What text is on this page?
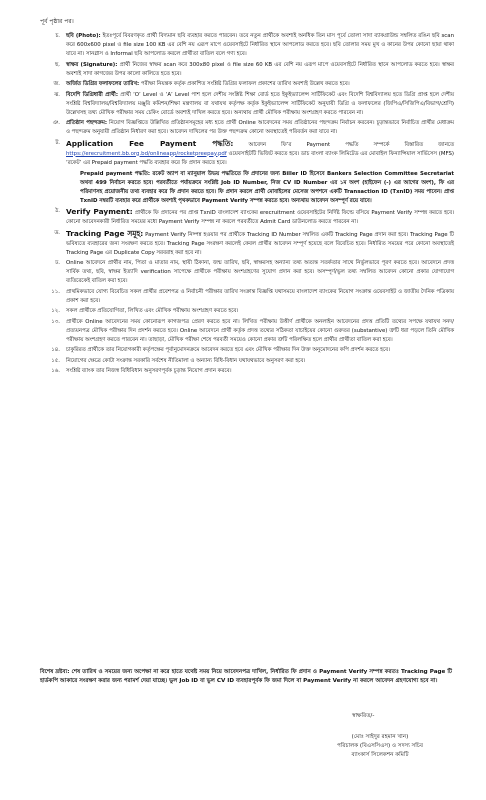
পূর্ব পৃষ্ঠার পর।
চ.	ছবি (Photo): ইতঃপূর্বে বিবরণকৃত প্রার্থী বিদ্যমান ছবি ব্যবহার করতে পারবেন। তবে নতুন প্রার্থীকে অবশ্যই অনধিক তিন মাস পূর্বে তোলা সাদা ব্যাকগ্রাউন্ড সম্বলিত রঙিন ছবি scan করে 600x600 pixel ও file size 100 KB এর বেশি নয় এরূপ মাপে ওয়েবসাইটে নির্ধারিত স্থানে আপলোড করতে হবে। ছবি তোলার সময় মুখ ও কানের উপর কোনো ছায়া থাকা যাবে না। সানগ্লাস ও Informal ছবি আপলোড করলে প্রার্থীতা বাতিল বলে গণ্য হবে।
ছ.	স্বাক্ষর (Signature): প্রার্থী নিজের স্বাক্ষর scan করে 300x80 pixel ও file size 60 KB এর বেশি নয় এরূপ মাপে ওয়েবসাইটে নির্ধারিত স্থানে আপলোড করতে হবে। স্বাক্ষর অবশ্যই সাদা কাগজের উপর কালো কালিতে হতে হবে।
জ.	অর্জিত ডিগ্রির ফলাফলের তারিখ: পরীক্ষা নিয়ন্ত্রক কর্তৃক প্রকাশিত সংশ্লিষ্ট ডিগ্রির ফলাফল প্রকাশের তারিখ অবশ্যই উল্লেখ করতে হবে।
ঝ.	বিদেশি ডিগ্রিধারী প্রার্থী: প্রার্থী ‘O’ Level ও ‘A’ Level পাশ হলে দেশীয় সংশ্লিষ্ট শিক্ষা বোর্ড হতে ইকুইভ্যালেন্স সার্টিফিকেট এবং বিদেশি বিশ্ববিদ্যালয় হতে ডিগ্রি প্রাপ্ত হলে দেশীয় সংশ্লিষ্ট বিশ্ববিদ্যালয়/বিশ্ববিদ্যালয় মঞ্জুরি কমিশন/শিক্ষা মন্ত্রণালয় বা যথাযথ কর্তৃপক্ষ কর্তৃক ইকুইভ্যালেন্স সার্টিফিকেট অনুযায়ী ডিগ্রি ও ফলাফলের (জিপিএ/সিজিপিএ/বিভাগ/শ্রেণি) উল্লেখসহ তথ্য মৌখিক পরীক্ষার সময় চেকিং বোর্ডে অবশ্যই দাখিল করতে হবে। অন্যথায় প্রার্থী মৌখিক পরীক্ষায় অংশগ্রহণ করতে পারবেন না।
ঞ.	প্রতিষ্ঠান পছন্দক্রম: নিয়োগ বিজ্ঞপ্তিতে উল্লিখিত প্রতিষ্ঠানসমূহের মধ্য হতে প্রার্থী Online আবেদনের সময় প্রতিষ্ঠানের পছন্দক্রম নির্বাচন করবেন। চূড়ান্তভাবে নির্বাচিত প্রার্থীর মেধাক্রম ও পছন্দক্রম অনুযায়ী প্রতিষ্ঠান নির্ধারণ করা হবে। আবেদন দাখিলের পর উক্ত পছন্দক্রম কোনো অবস্থাতেই পরিবর্তন করা যাবে না।
ট. Application Fee Payment পদ্ধতি:	আবেদন ফি’র Payment পদ্ধতি সম্পর্কে বিস্তারিত জানতে https://erecruitment.bb.org.bd/onlineapp/rocketpreepay.pdf ওয়েবসাইটটি ভিজিট করতে হবে। ডাচ বাংলা ব্যাংক লিমিটেড এর মোবাইল ফিন্যান্সিয়াল সার্ভিসেস (MFS) ‘রকেট’ এর Prepaid payment পদ্ধতি ব্যবহার করে ফি প্রদান করতে হবে।
Prepaid payment পদ্ধতি: রকেট অ্যাপ বা ম্যানুয়াল উভয় পদ্ধতিতে ফি প্রদানের জন্য Biller ID হিসেবে Bankers Selection Committee Secretariat অথবা 499 নির্বাচন করতে হবে। পরবর্তীতে পর্যায়ক্রমে সংশ্লিষ্ট Job ID Number, নিজ CV ID Number এর ১ম অংশ (হাইফেন (-) এর আগের অংশ), ফি এর পরিমাণসহ প্রয়োজনীয় তথ্য ব্যবহার করে ফি প্রদান করতে হবে। ফি প্রদান করলে প্রার্থী মোবাইলের মেসেজ অপশনে একটি Transaction ID (TxnID) সময় পাবেন। প্রাপ্ত TxnID নম্বরটি ব্যবহার করে প্রার্থীকে অবশ্যই পৃথকভাবে Payment Verify সম্পন্ন করতে হবে। অন্যথায় আবেদন অসম্পূর্ণ রয়ে যাবে।
ঠ. Verify Payment: প্রার্থীকে ফি প্রদানের পর প্রাপ্ত TxnID বাংলাদেশ ব্যাংকের erecruitment ওয়েবসাইটের নির্দিষ্ট ফিল্ডে বসিয়ে Payment Verify সম্পন্ন করতে হবে। কোনো আবেদনকারী নির্ধারিত সময়ের মধ্যে Payment Verify সম্পন্ন না করলে পরবর্তীতে Admit Card ডাউনলোড করতে পারবেন না।
ড. Tracking Page সমূহ: Payment Verify নিষ্পন্ন হওয়ার পর প্রার্থীকে Tracking ID Number সম্বলিত একটি Tracking Page প্রদান করা হবে। Tracking Page টি ভবিষ্যতে ব্যবহারের জন্য সংরক্ষণ করতে হবে। Tracking Page সংরক্ষণ করলেই কেবল প্রার্থীর আবেদন সম্পূর্ণ হয়েছে বলে বিবেচিত হবে। নির্ধারিত সময়ের পরে কোনো অবস্থাতেই Tracking Page এর Duplicate Copy সরবরাহ করা হবে না।
ঢ.	Online আবেদনে প্রার্থীর নাম, পিতা ও মাতার নাম, স্থায়ী ঠিকানা, জন্ম তারিখ, ছবি, স্বাক্ষরসহ অন্যান্য তথ্য অত্যন্ত সতর্কতার সাথে নির্ভুলভাবে পূরণ করতে হবে। আবেদনে প্রদত্ত সার্বিক তথ্য, ছবি, স্বাক্ষর ইত্যাদি verification সাপেক্ষে প্রার্থীকে পরীক্ষায় অংশগ্রহণের সুযোগ প্রদান করা হবে। অসম্পূর্ণ/ভুল তথ্য সম্বলিত আবেদন কোনো প্রকার যোগাযোগ ব্যতিরেকেই বাতিল করা হবে।
১১.	প্রাথমিকভাবে যোগ্য বিবেচিত সকল প্রার্থীর প্রবেশপত্র ও নির্বাচনী পরীক্ষার তারিখ সংক্রান্ত বিজ্ঞপ্তি যথাসময়ে বাংলাদেশ ব্যাংকের নিয়োগ সংক্রান্ত ওয়েবসাইট ও জাতীয় দৈনিক পত্রিকায় প্রকাশ করা হবে।
১২.	সকল প্রার্থীকে প্রতিযোগিতা, লিখিত এবং মৌখিক পরীক্ষায় অংশগ্রহণ করতে হবে।
১৩.	প্রার্থীকে Online আবেদনের সময় কোনোরূপ কাগজপত্র প্রেরণ করতে হবে না। লিখিত পরীক্ষায় উত্তীর্ণ প্রার্থীকে অনলাইন আবেদনের প্রদত্ত প্রতিটি তথ্যের সপক্ষে যথাযথ সনদ/প্রত্যয়নপত্র মৌখিক পরীক্ষার দিন প্রদর্শন করতে হবে। Online আবেদনে প্রার্থী কর্তৃক প্রদত্ত তথ্যের সঠিকতা যাচাইয়ের কোনো গুরুতর (substantive) ত্রুটি ধরা পড়লে তিনি মৌখিক পরীক্ষায় অংশগ্রহণ করতে পারবেন না। তাছাড়া, মৌখিক পরীক্ষা শেষে পরবর্তী সময়েও কোনো প্রকার ত্রুটি পরিলক্ষিত হলে প্রার্থীর প্রার্থীতা বাতিল করা হবে।
১৪.	চাকুরিরত প্রার্থীকে তার নিয়োগকারী কর্তৃপক্ষের পূর্বানুমোদনক্রমে আবেদন করতে হবে এবং মৌখিক পরীক্ষার দিন উক্ত অনুমোদনের কপি প্রদর্শন করতে হবে।
১৫.	নিয়োগের ক্ষেত্রে কোটা সংক্রান্ত সরকারি সর্বশেষ নীতিমালা ও অন্যান্য বিধি-বিধান যথাযথভাবে অনুসরণ করা হবে।
১৬.	সংশ্লিষ্ট ব্যাংক তার নিজস্ব বিধিবিধান অনুসরণপূর্বক চূড়ান্ত নিয়োগ প্রদান করবে।
বিশেষ দ্রষ্টব্য: শেষ তারিখ ও সময়ের জন্য অপেক্ষা না করে হাতে যথেষ্ট সময় নিয়ে আবেদনপত্র দাখিল, নির্ধারিত ফি প্রদান ও Payment Verify সম্পন্ন করতঃ Tracking Page টি হার্ডকপি আকারে সংরক্ষণ করার জন্য পরামর্শ দেয়া যাচ্ছে। ভুল Job ID বা ভুল CV ID ব্যবহারপূর্বক ফি জমা দিলে বা Payment Verify না করলে আবেদন গ্রহণযোগ্য হবে না।
স্বাক্ষরিত/-
(মোঃ সাইদুর রহমান খান)
পরিচালক (বিএসসিএস) ও সদস্য সচিব
ব্যাংকার্স সিলেকশন কমিটি
